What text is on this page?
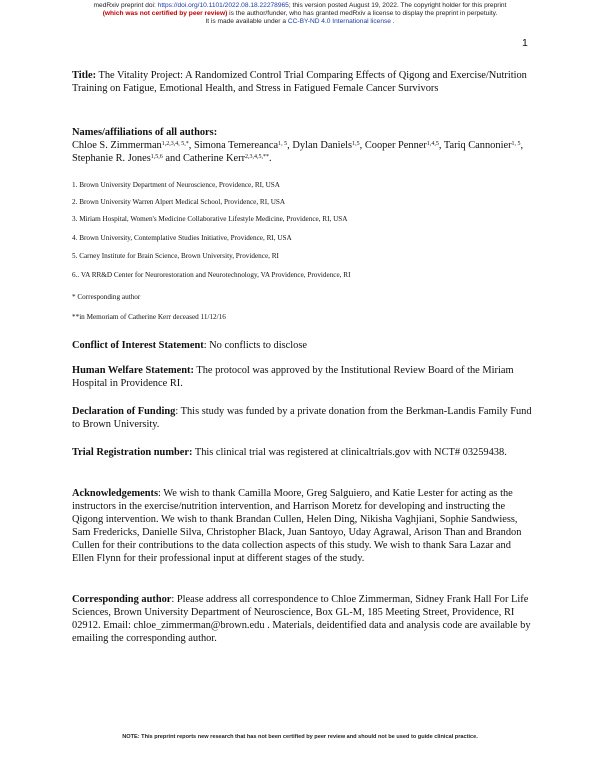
medRxiv preprint doi: https://doi.org/10.1101/2022.08.18.22278965; this version posted August 19, 2022. The copyright holder for this preprint
(which was not certified by peer review) is the author/funder, who has granted medRxiv a license to display the preprint in perpetuity.
It is made available under a CC-BY-ND 4.0 International license .
1
Title: The Vitality Project: A Randomized Control Trial Comparing Effects of Qigong and Exercise/Nutrition Training on Fatigue, Emotional Health, and Stress in Fatigued Female Cancer Survivors
Names/affiliations of all authors:
Chloe S. Zimmerman$^{1,2,3,4, 5,*}$, Simona Temereanca$^{1, 5}$, Dylan Daniels$^{1,5}$, Cooper Penner$^{1,4,5}$, Tariq Cannonier$^{1, 5}$, Stephanie R. Jones$^{1,5,6}$ and Catherine Kerr$^{2,3,4,5,**}$.
1. Brown University Department of Neuroscience, Providence, RI, USA
2. Brown University Warren Alpert Medical School, Providence, RI, USA
3. Miriam Hospital, Women's Medicine Collaborative Lifestyle Medicine, Providence, RI, USA
4. Brown University, Contemplative Studies Initiative, Providence, RI, USA
5. Carney Institute for Brain Science, Brown University, Providence, RI
6.. VA RR&D Center for Neurorestoration and Neurotechnology, VA Providence, Providence, RI
* Corresponding author
**in Memoriam of Catherine Kerr deceased 11/12/16
Conflict of Interest Statement: No conflicts to disclose
Human Welfare Statement: The protocol was approved by the Institutional Review Board of the Miriam Hospital in Providence RI.
Declaration of Funding: This study was funded by a private donation from the Berkman-Landis Family Fund to Brown University.
Trial Registration number: This clinical trial was registered at clinicaltrials.gov with NCT# 03259438.
Acknowledgements: We wish to thank Camilla Moore, Greg Salguiero, and Katie Lester for acting as the instructors in the exercise/nutrition intervention, and Harrison Moretz for developing and instructing the Qigong intervention. We wish to thank Brandan Cullen, Helen Ding, Nikisha Vaghjiani, Sophie Sandwiess, Sam Fredericks, Danielle Silva, Christopher Black, Juan Santoyo, Uday Agrawal, Arison Than and Brandon Cullen for their contributions to the data collection aspects of this study. We wish to thank Sara Lazar and Ellen Flynn for their professional input at different stages of the study.
Corresponding author: Please address all correspondence to Chloe Zimmerman, Sidney Frank Hall For Life Sciences, Brown University Department of Neuroscience, Box GL-M, 185 Meeting Street, Providence, RI 02912. Email: chloe_zimmerman@brown.edu . Materials, deidentified data and analysis code are available by emailing the corresponding author.
NOTE: This preprint reports new research that has not been certified by peer review and should not be used to guide clinical practice.
